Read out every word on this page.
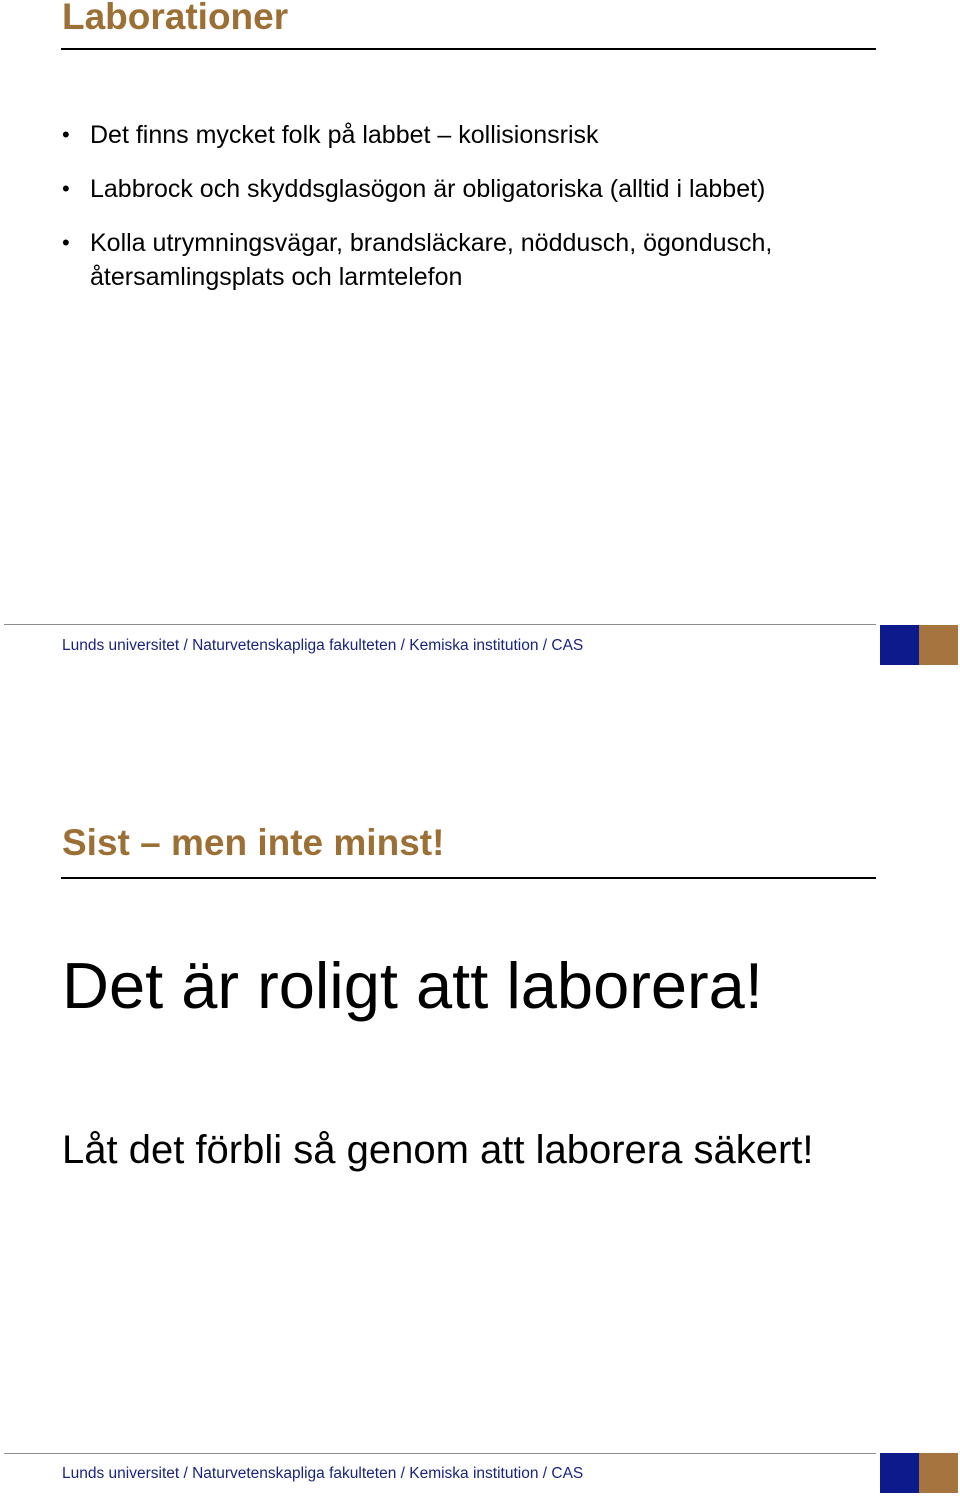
Laborationer
• Det finns mycket folk på labbet – kollisionsrisk
• Labbrock och skyddsglasögon är obligatoriska (alltid i labbet)
• Kolla utrymningsvägar, brandsläckare, nöddusch, ögondusch, återsamlingsplats och larmtelefon
Lunds universitet / Naturvetenskapliga fakulteten / Kemiska institution / CAS
Sist – men inte minst!
Det är roligt att laborera!
Låt det förbli så genom att laborera säkert!
Lunds universitet / Naturvetenskapliga fakulteten / Kemiska institution / CAS
